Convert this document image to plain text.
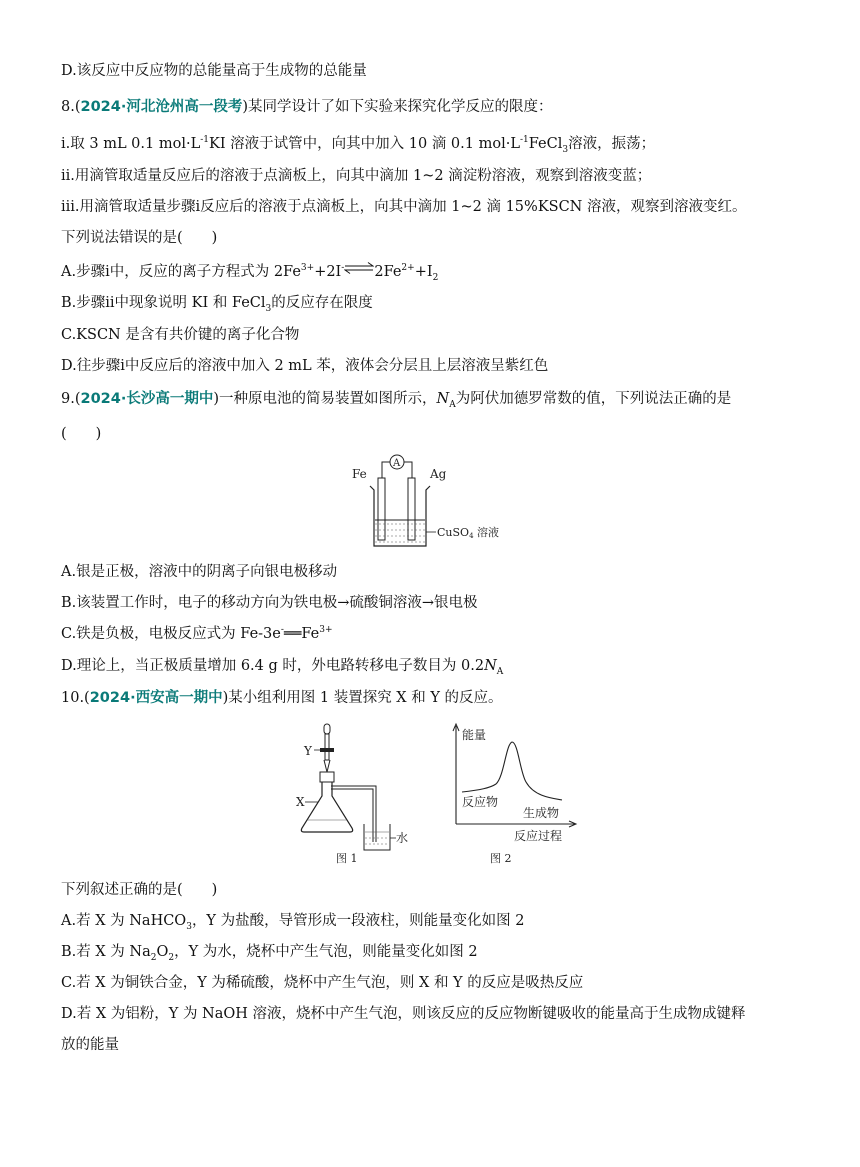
D.该反应中反应物的总能量高于生成物的总能量
8.(2024·河北沧州高一段考)某同学设计了如下实验来探究化学反应的限度：
ⅰ.取 3 mL 0.1 $mol\cdot L^{-1}KI$ 溶液于试管中，向其中加入 10 滴 0.1 $mol\cdot L^{-1}FeCl_3$溶液，振荡；
ⅱ.用滴管取适量反应后的溶液于点滴板上，向其中滴加 1~2 滴淀粉溶液，观察到溶液变蓝；
ⅲ.用滴管取适量步骤ⅰ反应后的溶液于点滴板上，向其中滴加 1~2 滴 15%KSCN 溶液，观察到溶液变红。
下列说法错误的是(　　)
A.步骤ⅰ中，反应的离子方程式为 $2Fe^{3+}+2I^-\rightleftharpoons 2Fe^{2+}+I_2$
B.步骤ⅱ中现象说明 KI 和 FeCl$_3$的反应存在限度
C.KSCN 是含有共价键的离子化合物
D.往步骤ⅰ中反应后的溶液中加入 2 mL 苯，液体会分层且上层溶液呈紫红色
9.(2024·长沙高一期中)一种原电池的简易装置如图所示，$N_A$为阿伏加德罗常数的值，下列说法正确的是
(　　)
Fe	Ag
A
CuSO4 溶液
A.银是正极，溶液中的阴离子向银电极移动
B.该装置工作时，电子的移动方向为铁电极→硫酸铜溶液→银电极
C.铁是负极，电极反应式为 $Fe-3e^-══Fe^{3+}$
D.理论上，当正极质量增加 6.4 g 时，外电路转移电子数目为 $0.2N_A$
10.(2024·西安高一期中)某小组利用图 1 装置探究 X 和 Y 的反应。
Y
X
水
图 1
能量
反应物
生成物
反应过程
图 2
下列叙述正确的是(　　)
A.若 X 为 NaHCO$_3$，Y 为盐酸，导管形成一段液柱，则能量变化如图 2
B.若 X 为 $Na_2O_2$，Y 为水，烧杯中产生气泡，则能量变化如图 2
C.若 X 为铜铁合金，Y 为稀硫酸，烧杯中产生气泡，则 X 和 Y 的反应是吸热反应
D.若 X 为铝粉，Y 为 NaOH 溶液，烧杯中产生气泡，则该反应的反应物断键吸收的能量高于生成物成键释
放的能量
